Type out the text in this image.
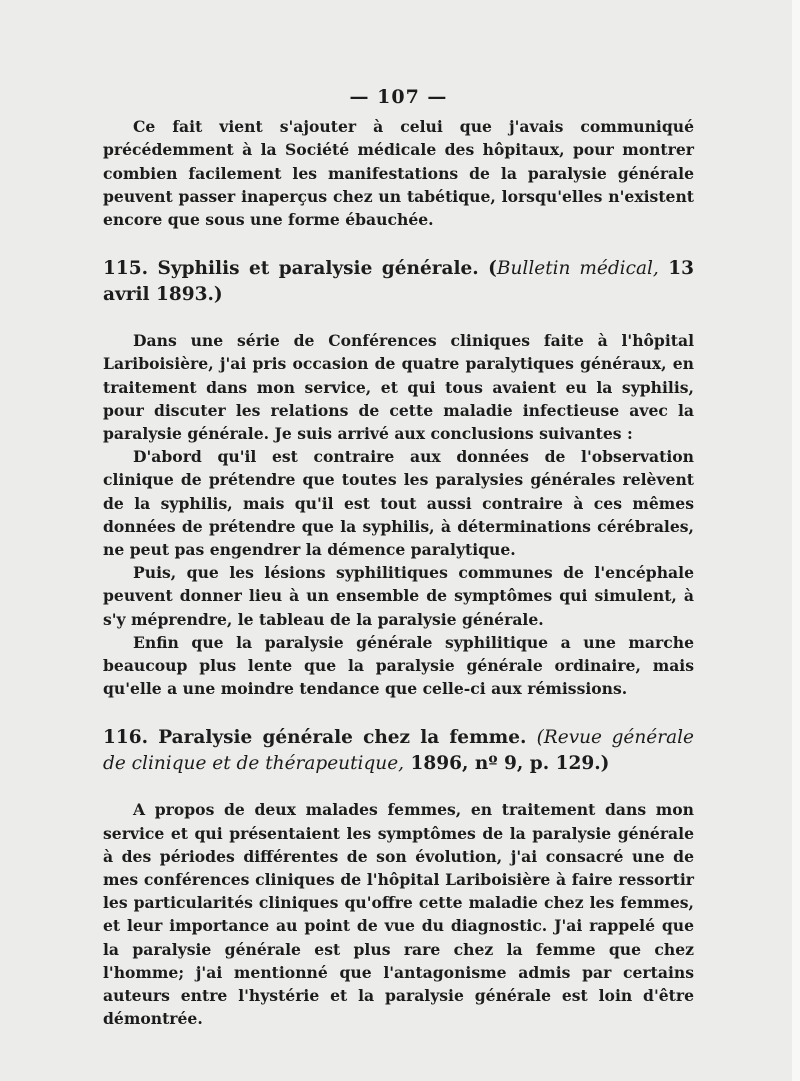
— 107 —

Ce fait vient s'ajouter à celui que j'avais communiqué précédemment à la Société médicale des hôpitaux, pour montrer combien facilement les manifestations de la paralysie générale peuvent passer inaperçus chez un tabétique, lorsqu'elles n'existent encore que sous une forme ébauchée.

115. Syphilis et paralysie générale. (Bulletin médical, 13 avril 1893.)

Dans une série de Conférences cliniques faite à l'hôpital Lariboisière, j'ai pris occasion de quatre paralytiques généraux, en traitement dans mon service, et qui tous avaient eu la syphilis, pour discuter les relations de cette maladie infectieuse avec la paralysie générale. Je suis arrivé aux conclusions suivantes :

D'abord qu'il est contraire aux données de l'observation clinique de prétendre que toutes les paralysies générales relèvent de la syphilis, mais qu'il est tout aussi contraire à ces mêmes données de prétendre que la syphilis, à déterminations cérébrales, ne peut pas engendrer la démence paralytique.

Puis, que les lésions syphilitiques communes de l'encéphale peuvent donner lieu à un ensemble de symptômes qui simulent, à s'y méprendre, le tableau de la paralysie générale.

Enfin que la paralysie générale syphilitique a une marche beaucoup plus lente que la paralysie générale ordinaire, mais qu'elle a une moindre tendance que celle-ci aux rémissions.

116. Paralysie générale chez la femme. (Revue générale de clinique et de thérapeutique, 1896, nº 9, p. 129.)

A propos de deux malades femmes, en traitement dans mon service et qui présentaient les symptômes de la paralysie générale à des périodes différentes de son évolution, j'ai consacré une de mes conférences cliniques de l'hôpital Lariboisière à faire ressortir les particularités cliniques qu'offre cette maladie chez les femmes, et leur importance au point de vue du diagnostic. J'ai rappelé que la paralysie générale est plus rare chez la femme que chez l'homme; j'ai mentionné que l'antagonisme admis par certains auteurs entre l'hystérie et la paralysie générale est loin d'être démontrée.
